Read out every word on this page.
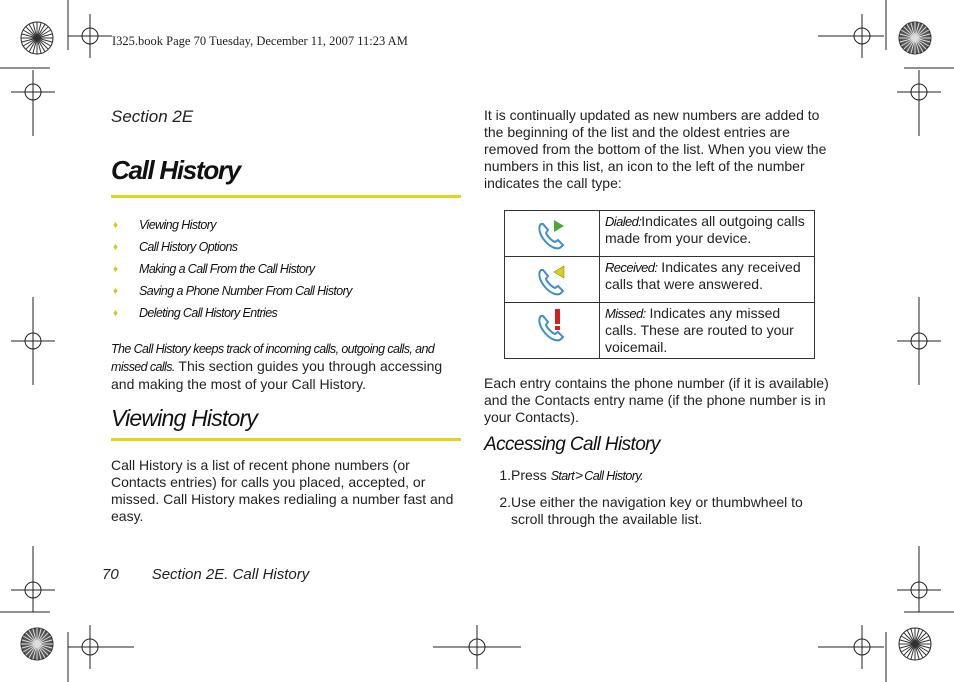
I325.book Page 70 Tuesday, December 11, 2007 11:23 AM
Section 2E
Call History
♦	Viewing History
♦	Call History Options
♦	Making a Call From the Call History
♦	Saving a Phone Number From Call History
♦	Deleting Call History Entries
The Call History keeps track of incoming calls, outgoing calls, and missed calls. This section guides you through accessing and making the most of your Call History.
Viewing History
Call History is a list of recent phone numbers (or Contacts entries) for calls you placed, accepted, or missed. Call History makes redialing a number fast and easy.
70 Section 2E. Call History
It is continually updated as new numbers are added to the beginning of the list and the oldest entries are removed from the bottom of the list. When you view the numbers in this list, an icon to the left of the number indicates the call type:
	Dialed:Indicates all outgoing calls made from your device.

	Received: Indicates any received calls that were answered.

	Missed: Indicates any missed calls. These are routed to your voicemail.
Each entry contains the phone number (if it is available) and the Contacts entry name (if the phone number is in your Contacts).
Accessing Call History
1. Press Start>Call History.
2. Use either the navigation key or thumbwheel to scroll through the available list.
